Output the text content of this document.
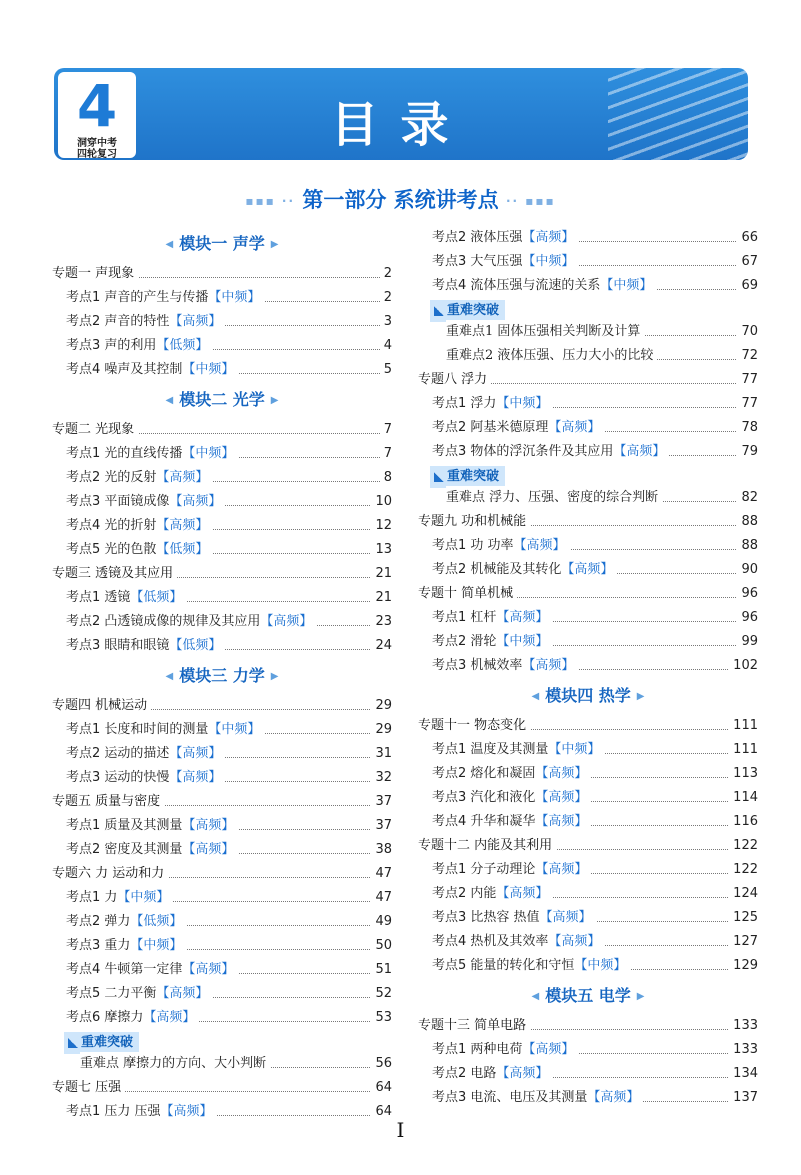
4
洞穿中考
四轮复习
目录
▪▪▪ ·· 第一部分 系统讲考点 ·· ▪▪▪
◀ 模块一 声学 ▶
专题一 声现象	2
考点1 声音的产生与传播【中频】	2
考点2 声音的特性【高频】	3
考点3 声的利用【低频】	4
考点4 噪声及其控制【中频】	5
◀ 模块二 光学 ▶
专题二 光现象	7
考点1 光的直线传播【中频】	7
考点2 光的反射【高频】	8
考点3 平面镜成像【高频】	10
考点4 光的折射【高频】	12
考点5 光的色散【低频】	13
专题三 透镜及其应用	21
考点1 透镜【低频】	21
考点2 凸透镜成像的规律及其应用【高频】	23
考点3 眼睛和眼镜【低频】	24
◀ 模块三 力学 ▶
专题四 机械运动	29
考点1 长度和时间的测量【中频】	29
考点2 运动的描述【高频】	31
考点3 运动的快慢【高频】	32
专题五 质量与密度	37
考点1 质量及其测量【高频】	37
考点2 密度及其测量【高频】	38
专题六 力 运动和力	47
考点1 力【中频】	47
考点2 弹力【低频】	49
考点3 重力【中频】	50
考点4 牛顿第一定律【高频】	51
考点5 二力平衡【高频】	52
考点6 摩擦力【高频】	53
重难突破
重难点 摩擦力的方向、大小判断	56
专题七 压强	64
考点1 压力 压强【高频】	64
考点2 液体压强【高频】	66
考点3 大气压强【中频】	67
考点4 流体压强与流速的关系【中频】	69
重难突破
重难点1 固体压强相关判断及计算	70
重难点2 液体压强、压力大小的比较	72
专题八 浮力	77
考点1 浮力【中频】	77
考点2 阿基米德原理【高频】	78
考点3 物体的浮沉条件及其应用【高频】	79
重难突破
重难点 浮力、压强、密度的综合判断	82
专题九 功和机械能	88
考点1 功 功率【高频】	88
考点2 机械能及其转化【高频】	90
专题十 简单机械	96
考点1 杠杆【高频】	96
考点2 滑轮【中频】	99
考点3 机械效率【高频】	102
◀ 模块四 热学 ▶
专题十一 物态变化	111
考点1 温度及其测量【中频】	111
考点2 熔化和凝固【高频】	113
考点3 汽化和液化【高频】	114
考点4 升华和凝华【高频】	116
专题十二 内能及其利用	122
考点1 分子动理论【高频】	122
考点2 内能【高频】	124
考点3 比热容 热值【高频】	125
考点4 热机及其效率【高频】	127
考点5 能量的转化和守恒【中频】	129
◀ 模块五 电学 ▶
专题十三 简单电路	133
考点1 两种电荷【高频】	133
考点2 电路【高频】	134
考点3 电流、电压及其测量【高频】	137
I
